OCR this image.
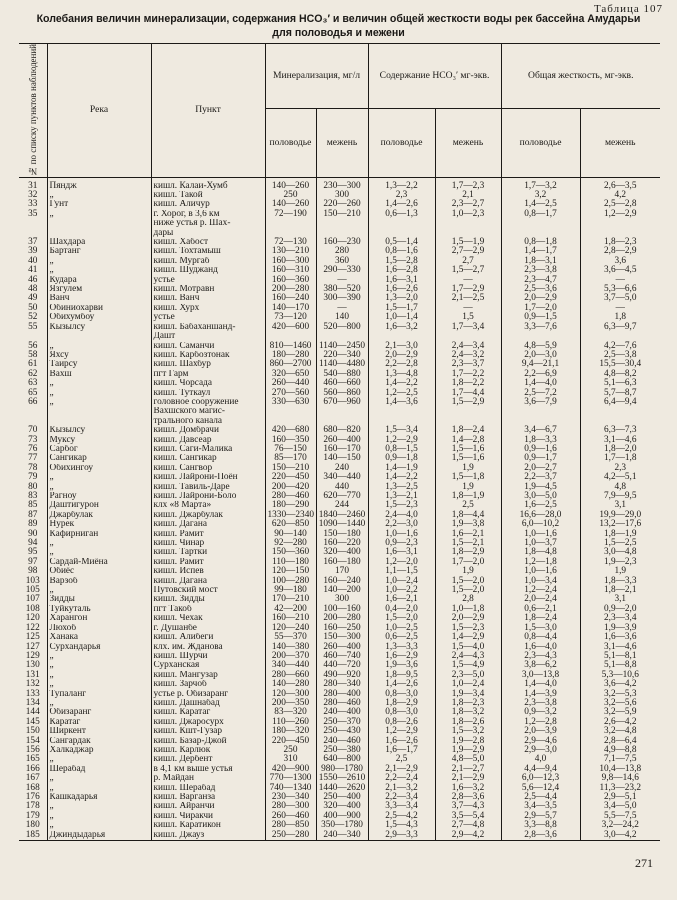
Таблица 107
Колебания величин минерализации, содержания HCO₃′ и величин общей жесткости воды рек бассейна Амударьи
для половодья и межени
№ по списку пунктов наблюдений	Река	Пункт	Минерализация, мг/л		Содержание HCO₃′ мг-экв.		Общая жесткость, мг-экв.	
			половодье	межень	половодье	межень	половодье	межень
31	Пяндж	кишл. Калаи-Хумб	140—260	230—300	1,3—2,2	1,7—2,3	1,7—3,2	2,6—3,5
32	„	кишл. Такой	250	300	2,3	2,1	3,2	4,2
33	Гунт	кишл. Аличур	140—260	220—260	1,4—2,6	2,3—2,7	1,4—2,5	2,5—2,8
35	„	г. Хорог, в 3,6 км	72—190	150—210	0,6—1,3	1,0—2,3	0,8—1,7	1,2—2,9
		ниже устья р. Шах-						
		дары						
37	Шахдара	кишл. Хабост	72—130	160—230	0,5—1,4	1,5—1,9	0,8—1,8	1,8—2,3
39	Бартанг	кишл. Тохтамыш	130—210	280	0,8—1,6	2,7—2,9	1,4—1,7	2,8—2,9
40	„	кишл. Мургаб	160—300	360	1,5—2,8	2,7	1,8—3,1	3,6
41	„	кишл. Шуджанд	160—310	290—330	1,6—2,8	1,5—2,7	2,3—3,8	3,6—4,5
46	Кудара	устье	160—360	—	1,6—3,1	—	2,3—4,7	—
48	Язгулем	кишл. Мотравн	200—280	380—520	1,6—2,6	1,7—2,9	2,5—3,6	5,3—6,6
49	Ванч	кишл. Ванч	160—240	300—390	1,3—2,0	2,1—2,5	2,0—2,9	3,7—5,0
50	Обиниохарви	кишл. Хурх	140—170	—	1,5—1,7	—	1,7—2,0	—
52	Обихумбоу	устье	73—120	140	1,0—1,4	1,5	0,9—1,5	1,8
55	Кызылсу	кишл. Бабаханшанд-	420—600	520—800	1,6—3,2	1,7—3,4	3,3—7,6	6,3—9,7
		Дашт						
56	„	кишл. Саманчи	810—1460	1140—2450	2,1—3,0	2,4—3,4	4,8—5,9	4,2—7,6
58	Яхсу	кишл. Карбозтонак	180—280	220—340	2,0—2,9	2,4—3,2	2,0—3,0	2,5—3,8
61	Таирсу	кишл. Шахбур	860—2700	1140—4480	2,2—2,8	2,3—3,7	9,4—21,1	15,5—30,4
62	Вахш	пгт Гарм	320—650	540—880	1,3—4,8	1,7—2,2	2,2—6,9	4,8—8,2
63	„	кишл. Чорсада	260—440	460—660	1,4—2,2	1,8—2,2	1,4—4,0	5,1—6,3
65	„	кишл. Туткаул	270—560	560—860	1,2—2,5	1,7—4,4	2,5—7,2	5,7—8,7
66	„	головное сооружение	330—630	670—960	1,4—3,6	1,5—2,9	3,6—7,9	6,4—9,4
		Вахшского магис-						
		трального канала						
70	Кызылсу	кишл. Домбрачи	420—680	680—820	1,5—3,4	1,8—2,4	3,4—6,7	6,3—7,3
73	Муксу	кишл. Давсеар	160—350	260—400	1,2—2,9	1,4—2,8	1,8—3,3	3,1—4,6
76	Сарбог	кишл. Саги-Малика	76—150	160—170	0,8—1,5	1,5—1,6	0,9—1,6	1,8—2,0
77	Сангикар	кишл. Сангикар	85—170	140—150	0,9—1,8	1,5—1,6	0,9—1,7	1,7—1,8
78	Обихингоу	кишл. Сангвор	150—210	240	1,4—1,9	1,9	2,0—2,7	2,3
79	„	кишл. Лайрони-Поён	220—450	340—440	1,4—2,2	1,5—1,8	2,2—3,7	4,2—5,1
80	„	кишл. Тавиль-Даре	200—420	440	1,3—2,5	1,9	1,9—4,5	4,8
83	Рагноу	кишл. Лайрони-Боло	280—460	620—770	1,3—2,1	1,8—1,9	3,0—5,0	7,9—9,5
85	Даштигурон	клх «8 Марта»	180—290	244	1,5—2,3	2,5	1,6—2,5	3,1
87	Джарбулак	кишл. Джарбулак	1330—2340	1840—2460	2,4—4,0	1,8—4,4	16,6—28,0	19,9—29,0
89	Нурек	кишл. Дагана	620—850	1090—1440	2,2—3,0	1,9—3,8	6,0—10,2	13,2—17,6
90	Кафирниган	кишл. Рамит	90—140	150—180	1,0—1,6	1,6—2,1	1,0—1,6	1,8—1,9
94	„	кишл. Чинар	92—280	160—220	0,9—2,3	1,5—2,1	1,0—3,7	1,5—2,5
95	„	кишл. Тартки	150—360	320—400	1,6—3,1	1,8—2,9	1,8—4,8	3,0—4,8
97	Сардай-Миёна	кишл. Рамит	110—180	160—180	1,2—2,0	1,7—2,0	1,2—1,8	1,9—2,3
98	Обиёс	кишл. Испев	120—150	170	1,1—1,5	1,9	1,0—1,6	1,9
103	Варзоб	кишл. Дагана	100—280	160—240	1,0—2,4	1,5—2,0	1,0—3,4	1,8—3,3
105	„	Путовский мост	99—180	140—200	1,0—2,2	1,5—2,0	1,2—2,4	1,8—2,1
107	Зидды	кишл. Зидды	170—210	300	1,6—2,1	2,8	2,0—2,4	3,1
108	Туйкуталь	пгт Такоб	42—200	100—160	0,4—2,0	1,0—1,8	0,6—2,1	0,9—2,0
120	Харангон	кишл. Чехак	160—210	200—280	1,5—2,0	2,0—2,9	1,8—2,4	2,3—3,4
122	Люхоб	г. Душанбе	120—240	160—250	1,0—2,5	1,5—2,3	1,5—3,0	1,9—3,9
125	Ханака	кишл. Алибеги	55—370	150—300	0,6—2,5	1,4—2,9	0,8—4,4	1,6—3,6
127	Сурхандарья	клх. им. Жданова	140—380	260—400	1,3—3,3	1,5—4,0	1,6—4,0	3,1—4,6
129	„	кишл. Шурчи	200—370	460—740	1,6—2,9	2,4—4,3	2,3—4,3	5,1—8,1
130	„	Сурханская	340—440	440—720	1,9—3,6	1,5—4,9	3,8—6,2	5,1—8,8
131	„	кишл. Мангузар	280—660	490—920	1,8—9,5	2,3—5,0	3,0—13,8	5,3—10,6
132	„	кишл. Зарчоб	140—280	280—340	1,4—2,6	1,0—2,4	1,4—4,0	3,6—4,2
133	Тупаланг	устье р. Обизаранг	120—300	280—400	0,8—3,0	1,9—3,4	1,4—3,9	3,2—5,3
134	„	кишл. Дашнабад	200—350	280—460	1,8—2,9	1,8—2,3	2,3—3,8	3,2—5,6
144	Обизаранг	кишл. Каратаг	83—320	240—400	0,8—3,0	1,8—3,2	0,9—3,2	3,2—5,9
145	Каратаг	кишл. Джаросурх	110—260	250—370	0,8—2,6	1,8—2,6	1,2—2,8	2,6—4,2
150	Ширкент	кишл. Кшт-Гузар	180—320	250—430	1,2—2,9	1,5—3,2	2,0—3,9	3,2—4,8
154	Сангардак	кишл. Базар-Джой	220—450	240—460	1,6—2,6	1,9—2,8	2,9—4,6	2,8—6,4
156	Халкаджар	кишл. Карлюк	250	250—380	1,6—1,7	1,9—2,9	2,9—3,0	4,9—8,8
165	„	кишл. Дербент	310	640—800	2,5	4,8—5,0	4,0	7,1—7,5
166	Шерабад	в 4,1 км выше устья	420—900	980—1780	2,1—2,9	2,1—2,7	4,4—9,4	10,4—13,8
167	„	р. Майдан	770—1300	1550—2610	2,2—2,4	2,1—2,9	6,0—12,3	9,8—14,6
168	„	кишл. Шерабад	740—1340	1440—2620	2,1—3,2	1,6—3,2	5,6—12,4	11,3—23,2
176	Кашкадарья	кишл. Варганза	230—340	250—400	2,2—3,4	2,8—3,6	2,5—4,4	2,9—5,1
178	„	кишл. Айранчи	280—300	320—400	3,3—3,4	3,7—4,3	3,4—3,5	3,4—5,0
179	„	кишл. Чиракчи	260—460	400—900	2,5—4,2	3,5—5,4	2,9—5,7	5,5—7,5
180	„	кишл. Каратикон	280—850	350—1780	1,5—4,3	2,7—4,8	3,3—8,8	3,2—24,2
185	Джиндыдарья	кишл. Джауз	250—280	240—340	2,9—3,3	2,9—4,2	2,8—3,6	3,0—4,2
271
